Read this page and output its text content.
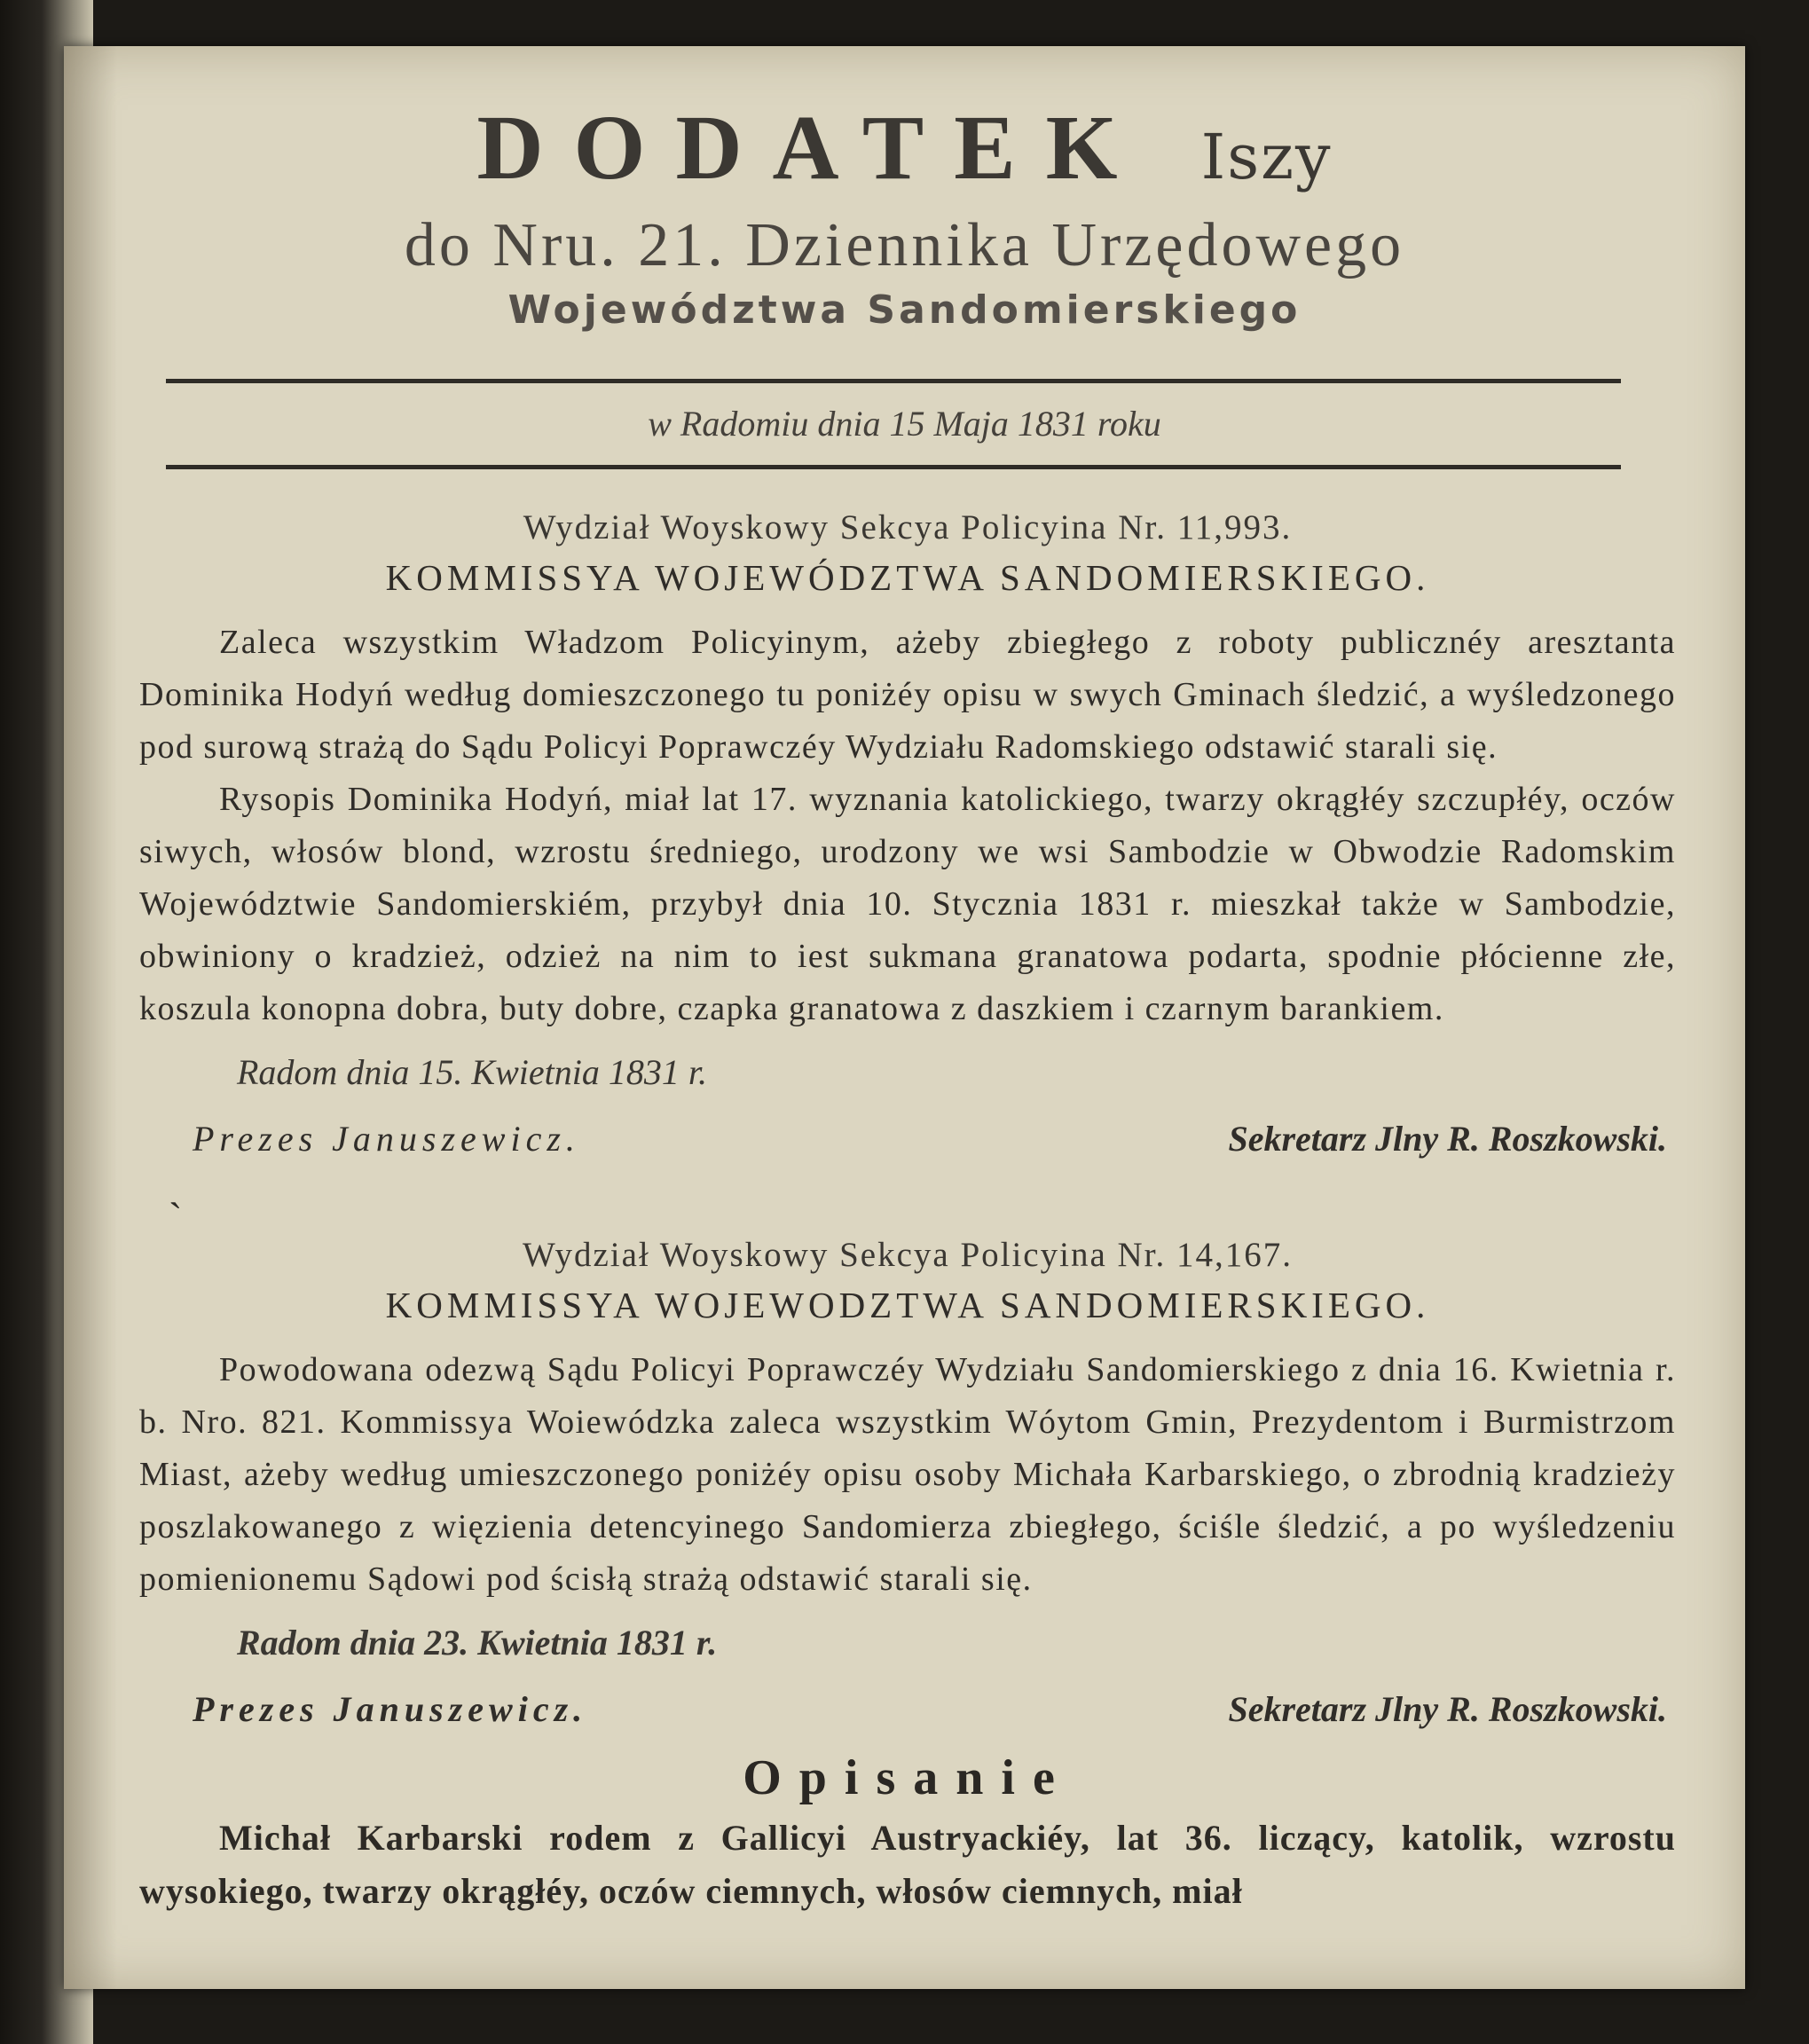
DODATEK Iszy
do Nru. 21. Dziennika Urzędowego
Województwa Sandomierskiego
w Radomiu dnia 15 Maja 1831 roku
Wydział Woyskowy Sekcya Policyina Nr. 11,993.
KOMMISSYA WOJEWÓDZTWA SANDOMIERSKIEGO.

Zaleca wszystkim Władzom Policyinym, ażeby zbiegłego z roboty publicznéy aresztanta Dominika Hodyń według domieszczonego tu poniżéy opisu w swych Gminach śledzić, a wyśledzonego pod surową strażą do Sądu Policyi Poprawczéy Wydziału Radomskiego odstawić starali się.

Rysopis Dominika Hodyń, miał lat 17. wyznania katolickiego, twarzy okrągłéy szczupłéy, oczów siwych, włosów blond, wzrostu średniego, urodzony we wsi Sambodzie w Obwodzie Radomskim Województwie Sandomierskiém, przybył dnia 10. Stycznia 1831 r. mieszkał także w Sambodzie, obwiniony o kradzież, odzież na nim to iest sukmana granatowa podarta, spodnie płócienne złe, koszula konopna dobra, buty dobre, czapka granatowa z daszkiem i czarnym barankiem.

Radom dnia 15. Kwietnia 1831 r.
Prezes Januszewicz.	Sekretarz Jlny R. Roszkowski.
Wydział Woyskowy Sekcya Policyina Nr. 14,167.
KOMMISSYA WOJEWODZTWA SANDOMIERSKIEGO.

Powodowana odezwą Sądu Policyi Poprawczéy Wydziału Sandomierskiego z dnia 16. Kwietnia r. b. Nro. 821. Kommissya Woiewódzka zaleca wszystkim Wóytom Gmin, Prezydentom i Burmistrzom Miast, ażeby według umieszczonego poniżéy opisu osoby Michała Karbarskiego, o zbrodnią kradzieży poszlakowanego z więzienia detencyinego Sandomierza zbiegłego, ściśle śledzić, a po wyśledzeniu pomienionemu Sądowi pod ścisłą strażą odstawić starali się.

Radom dnia 23. Kwietnia 1831 r.
Prezes Januszewicz.	Sekretarz Jlny R. Roszkowski.
Opisanie

Michał Karbarski rodem z Gallicyi Austryackiéy, lat 36. liczący, katolik, wzrostu wysokiego, twarzy okrągłéy, oczów ciemnych, włosów ciemnych, miał

ˏ
